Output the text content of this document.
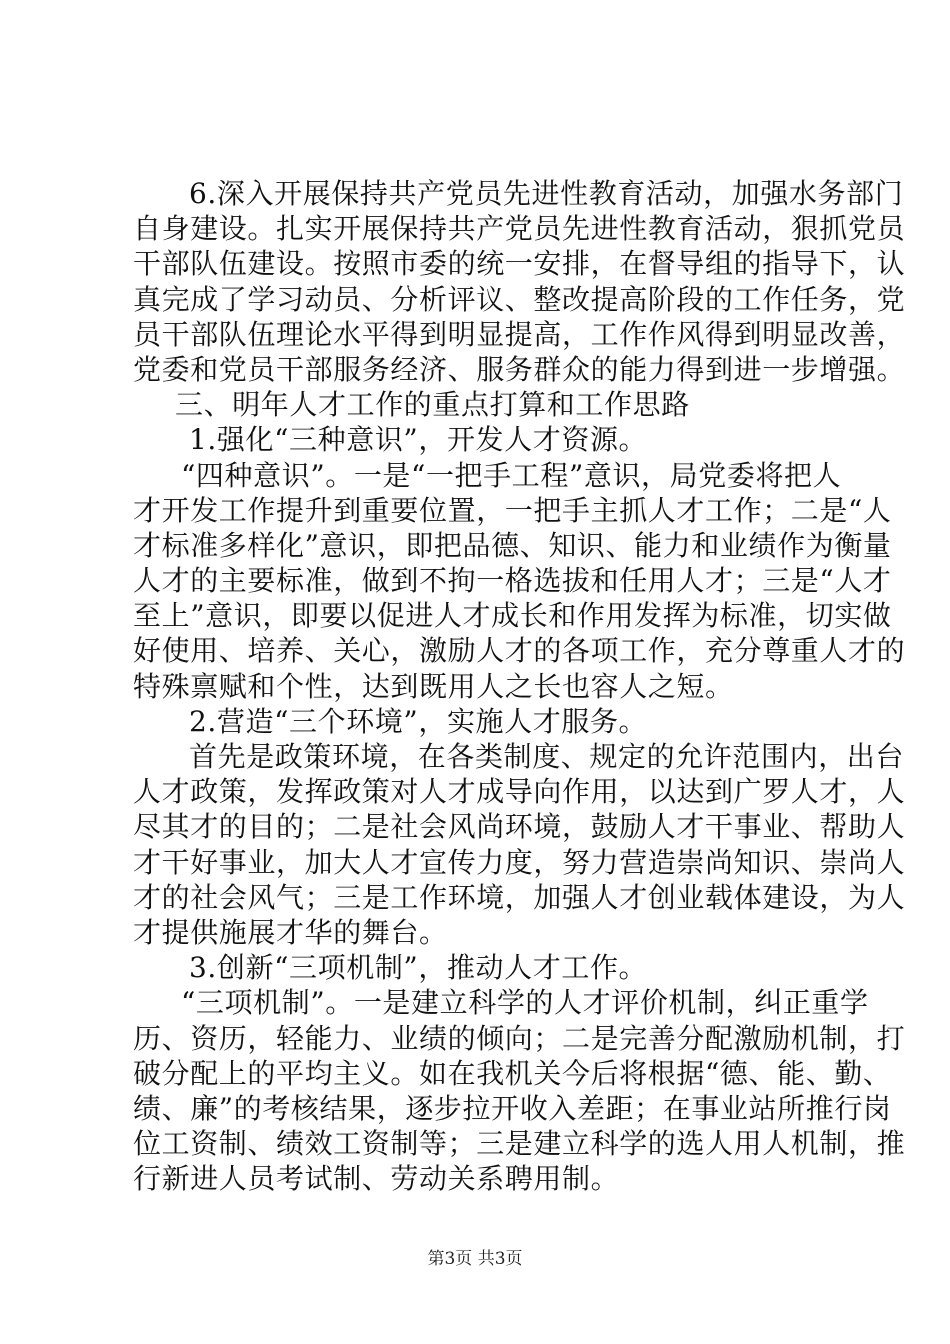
6.深入开展保持共产党员先进性教育活动，加强水务部门
自身建设。扎实开展保持共产党员先进性教育活动，狠抓党员
干部队伍建设。按照市委的统一安排，在督导组的指导下，认
真完成了学习动员、分析评议、整改提高阶段的工作任务，党
员干部队伍理论水平得到明显提高，工作作风得到明显改善，
党委和党员干部服务经济、服务群众的能力得到进一步增强。
三、明年人才工作的重点打算和工作思路
1.强化“三种意识”，开发人才资源。
“四种意识”。一是“一把手工程”意识，局党委将把人
才开发工作提升到重要位置，一把手主抓人才工作；二是“人
才标准多样化”意识，即把品德、知识、能力和业绩作为衡量
人才的主要标准，做到不拘一格选拔和任用人才；三是“人才
至上”意识，即要以促进人才成长和作用发挥为标准，切实做
好使用、培养、关心，激励人才的各项工作，充分尊重人才的
特殊禀赋和个性，达到既用人之长也容人之短。
2.营造“三个环境”，实施人才服务。
首先是政策环境，在各类制度、规定的允许范围内，出台
人才政策，发挥政策对人才成导向作用，以达到广罗人才，人
尽其才的目的；二是社会风尚环境，鼓励人才干事业、帮助人
才干好事业，加大人才宣传力度，努力营造崇尚知识、崇尚人
才的社会风气；三是工作环境，加强人才创业载体建设，为人
才提供施展才华的舞台。
3.创新“三项机制”，推动人才工作。
“三项机制”。一是建立科学的人才评价机制，纠正重学
历、资历，轻能力、业绩的倾向；二是完善分配激励机制，打
破分配上的平均主义。如在我机关今后将根据“德、能、勤、
绩、廉”的考核结果，逐步拉开收入差距；在事业站所推行岗
位工资制、绩效工资制等；三是建立科学的选人用人机制，推
行新进人员考试制、劳动关系聘用制。
第3页 共3页
